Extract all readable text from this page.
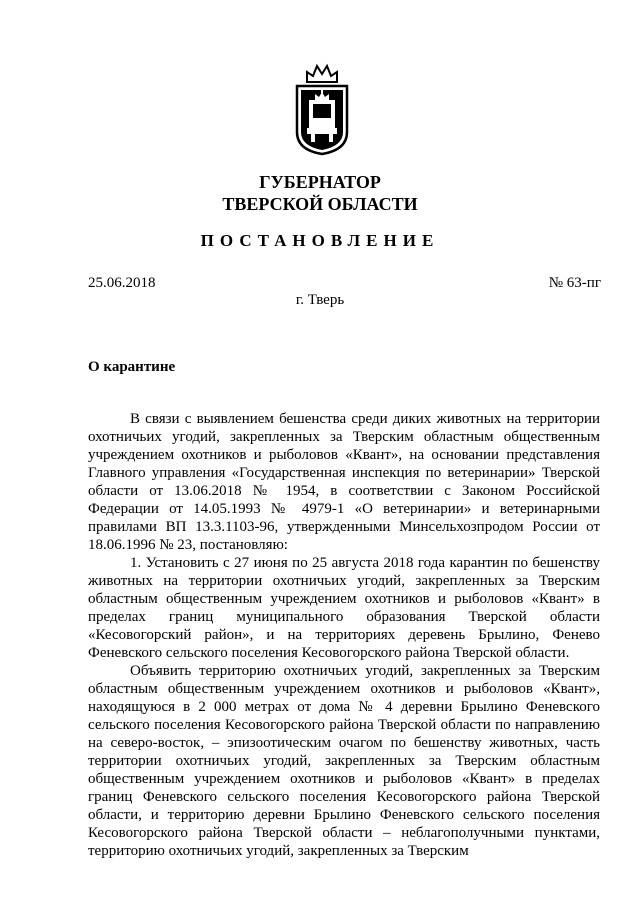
ГУБЕРНАТОР
ТВЕРСКОЙ ОБЛАСТИ
ПОСТАНОВЛЕНИЕ
25.06.2018	№ 63-пг
г. Тверь
О карантине

В связи с выявлением бешенства среди диких животных на территории охотничьих угодий, закрепленных за Тверским областным общественным учреждением охотников и рыболовов «Квант», на основании представления Главного управления «Государственная инспекция по ветеринарии» Тверской области от 13.06.2018 № 1954, в соответствии с Законом Российской Федерации от 14.05.1993 № 4979-1 «О ветеринарии» и ветеринарными правилами ВП 13.3.1103-96, утвержденными Минсельхозпродом России от 18.06.1996 № 23, постановляю:

1. Установить с 27 июня по 25 августа 2018 года карантин по бешенству животных на территории охотничьих угодий, закрепленных за Тверским областным общественным учреждением охотников и рыболовов «Квант» в пределах границ муниципального образования Тверской области «Кесовогорский район», и на территориях деревень Брылино, Фенево Феневского сельского поселения Кесовогорского района Тверской области.

Объявить территорию охотничьих угодий, закрепленных за Тверским областным общественным учреждением охотников и рыболовов «Квант», находящуюся в 2 000 метрах от дома № 4 деревни Брылино Феневского сельского поселения Кесовогорского района Тверской области по направлению на северо-восток, – эпизоотическим очагом по бешенству животных, часть территории охотничьих угодий, закрепленных за Тверским областным общественным учреждением охотников и рыболовов «Квант» в пределах границ Феневского сельского поселения Кесовогорского района Тверской области, и территорию деревни Брылино Феневского сельского поселения Кесовогорского района Тверской области – неблагополучными пунктами, территорию охотничьих угодий, закрепленных за Тверским
